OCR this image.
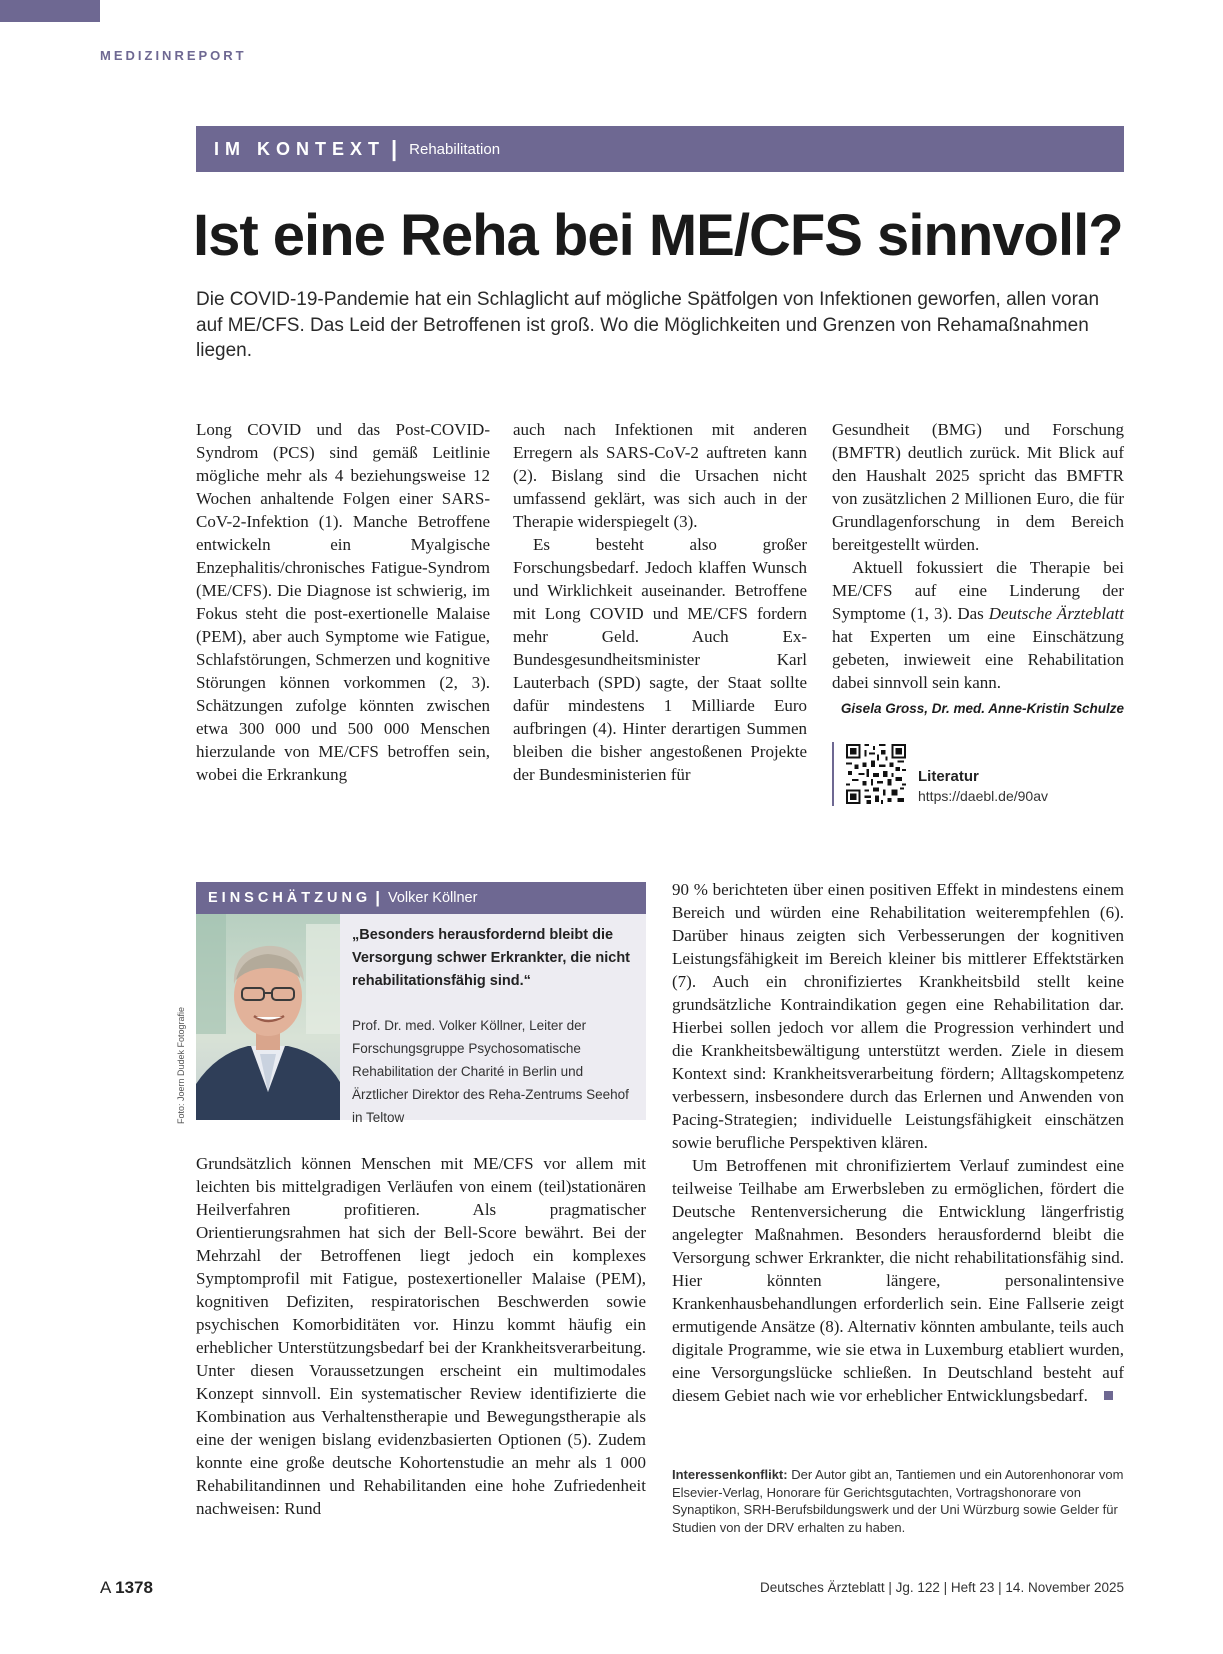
MEDIZINREPORT
IM KONTEXT | Rehabilitation
Ist eine Reha bei ME/CFS sinnvoll?

Die COVID-19-Pandemie hat ein Schlaglicht auf mögliche Spätfolgen von Infektionen geworfen, allen voran auf ME/CFS. Das Leid der Betroffenen ist groß. Wo die Möglichkeiten und Grenzen von Rehamaßnahmen liegen.

Long COVID und das Post-COVID-Syndrom (PCS) sind gemäß Leitlinie mögliche mehr als 4 beziehungsweise 12 Wochen anhaltende Folgen einer SARS-CoV-2-Infektion (1). Manche Betroffene entwickeln ein Myalgische Enzephalitis/chronisches Fatigue-Syndrom (ME/CFS). Die Diagnose ist schwierig, im Fokus steht die post-exertionelle Malaise (PEM), aber auch Symptome wie Fatigue, Schlafstörungen, Schmerzen und kognitive Störungen können vorkommen (2, 3). Schätzungen zufolge könnten zwischen etwa 300 000 und 500 000 Menschen hierzulande von ME/CFS betroffen sein, wobei die Erkrankung

auch nach Infektionen mit anderen Erregern als SARS-CoV-2 auftreten kann (2). Bislang sind die Ursachen nicht umfassend geklärt, was sich auch in der Therapie widerspiegelt (3).

Es besteht also großer Forschungsbedarf. Jedoch klaffen Wunsch und Wirklichkeit auseinander. Betroffene mit Long COVID und ME/CFS fordern mehr Geld. Auch Ex-Bundesgesundheitsminister Karl Lauterbach (SPD) sagte, der Staat sollte dafür mindestens 1 Milliarde Euro aufbringen (4). Hinter derartigen Summen bleiben die bisher angestoßenen Projekte der Bundesministerien für

Gesundheit (BMG) und Forschung (BMFTR) deutlich zurück. Mit Blick auf den Haushalt 2025 spricht das BMFTR von zusätzlichen 2 Millionen Euro, die für Grundlagenforschung in dem Bereich bereitgestellt würden.

Aktuell fokussiert die Therapie bei ME/CFS auf eine Linderung der Symptome (1, 3). Das Deutsche Ärzteblatt hat Experten um eine Einschätzung gebeten, inwieweit eine Rehabilitation dabei sinnvoll sein kann.

Gisela Gross, Dr. med. Anne-Kristin Schulze
Literatur
https://daebl.de/90av
EINSCHÄTZUNG | Volker Köllner

„Besonders herausfordernd bleibt die Versorgung schwer Erkrankter, die nicht rehabilitationsfähig sind.“

Prof. Dr. med. Volker Köllner, Leiter der Forschungsgruppe Psychosomatische Rehabilitation der Charité in Berlin und Ärztlicher Direktor des Reha-Zentrums Seehof in Teltow

Foto: Joern Dudek Fotografie

Grundsätzlich können Menschen mit ME/CFS vor allem mit leichten bis mittelgradigen Verläufen von einem (teil)stationären Heilverfahren profitieren. Als pragmatischer Orientierungsrahmen hat sich der Bell-Score bewährt. Bei der Mehrzahl der Betroffenen liegt jedoch ein komplexes Symptomprofil mit Fatigue, postexertioneller Malaise (PEM), kognitiven Defiziten, respiratorischen Beschwerden sowie psychischen Komorbiditäten vor. Hinzu kommt häufig ein erheblicher Unterstützungsbedarf bei der Krankheitsverarbeitung. Unter diesen Voraussetzungen erscheint ein multimodales Konzept sinnvoll. Ein systematischer Review identifizierte die Kombination aus Verhaltenstherapie und Bewegungstherapie als eine der wenigen bislang evidenzbasierten Optionen (5). Zudem konnte eine große deutsche Kohortenstudie an mehr als 1 000 Rehabilitandinnen und Rehabilitanden eine hohe Zufriedenheit nachweisen: Rund

90 % berichteten über einen positiven Effekt in mindestens einem Bereich und würden eine Rehabilitation weiterempfehlen (6). Darüber hinaus zeigten sich Verbesserungen der kognitiven Leistungsfähigkeit im Bereich kleiner bis mittlerer Effektstärken (7). Auch ein chronifiziertes Krankheitsbild stellt keine grundsätzliche Kontraindikation gegen eine Rehabilitation dar. Hierbei sollen jedoch vor allem die Progression verhindert und die Krankheitsbewältigung unterstützt werden. Ziele in diesem Kontext sind: Krankheitsverarbeitung fördern; Alltagskompetenz verbessern, insbesondere durch das Erlernen und Anwenden von Pacing-Strategien; individuelle Leistungsfähigkeit einschätzen sowie berufliche Perspektiven klären.

Um Betroffenen mit chronifiziertem Verlauf zumindest eine teilweise Teilhabe am Erwerbsleben zu ermöglichen, fördert die Deutsche Rentenversicherung die Entwicklung längerfristig angelegter Maßnahmen. Besonders herausfordernd bleibt die Versorgung schwer Erkrankter, die nicht rehabilitationsfähig sind. Hier könnten längere, personalintensive Krankenhausbehandlungen erforderlich sein. Eine Fallserie zeigt ermutigende Ansätze (8). Alternativ könnten ambulante, teils auch digitale Programme, wie sie etwa in Luxemburg etabliert wurden, eine Versorgungslücke schließen. In Deutschland besteht auf diesem Gebiet nach wie vor erheblicher Entwicklungsbedarf.

Interessenkonflikt: Der Autor gibt an, Tantiemen und ein Autorenhonorar vom Elsevier-Verlag, Honorare für Gerichtsgutachten, Vortragshonorare von Synaptikon, SRH-Berufsbildungswerk und der Uni Würzburg sowie Gelder für Studien von der DRV erhalten zu haben.

A 1378	Deutsches Ärzteblatt | Jg. 122 | Heft 23 | 14. November 2025
